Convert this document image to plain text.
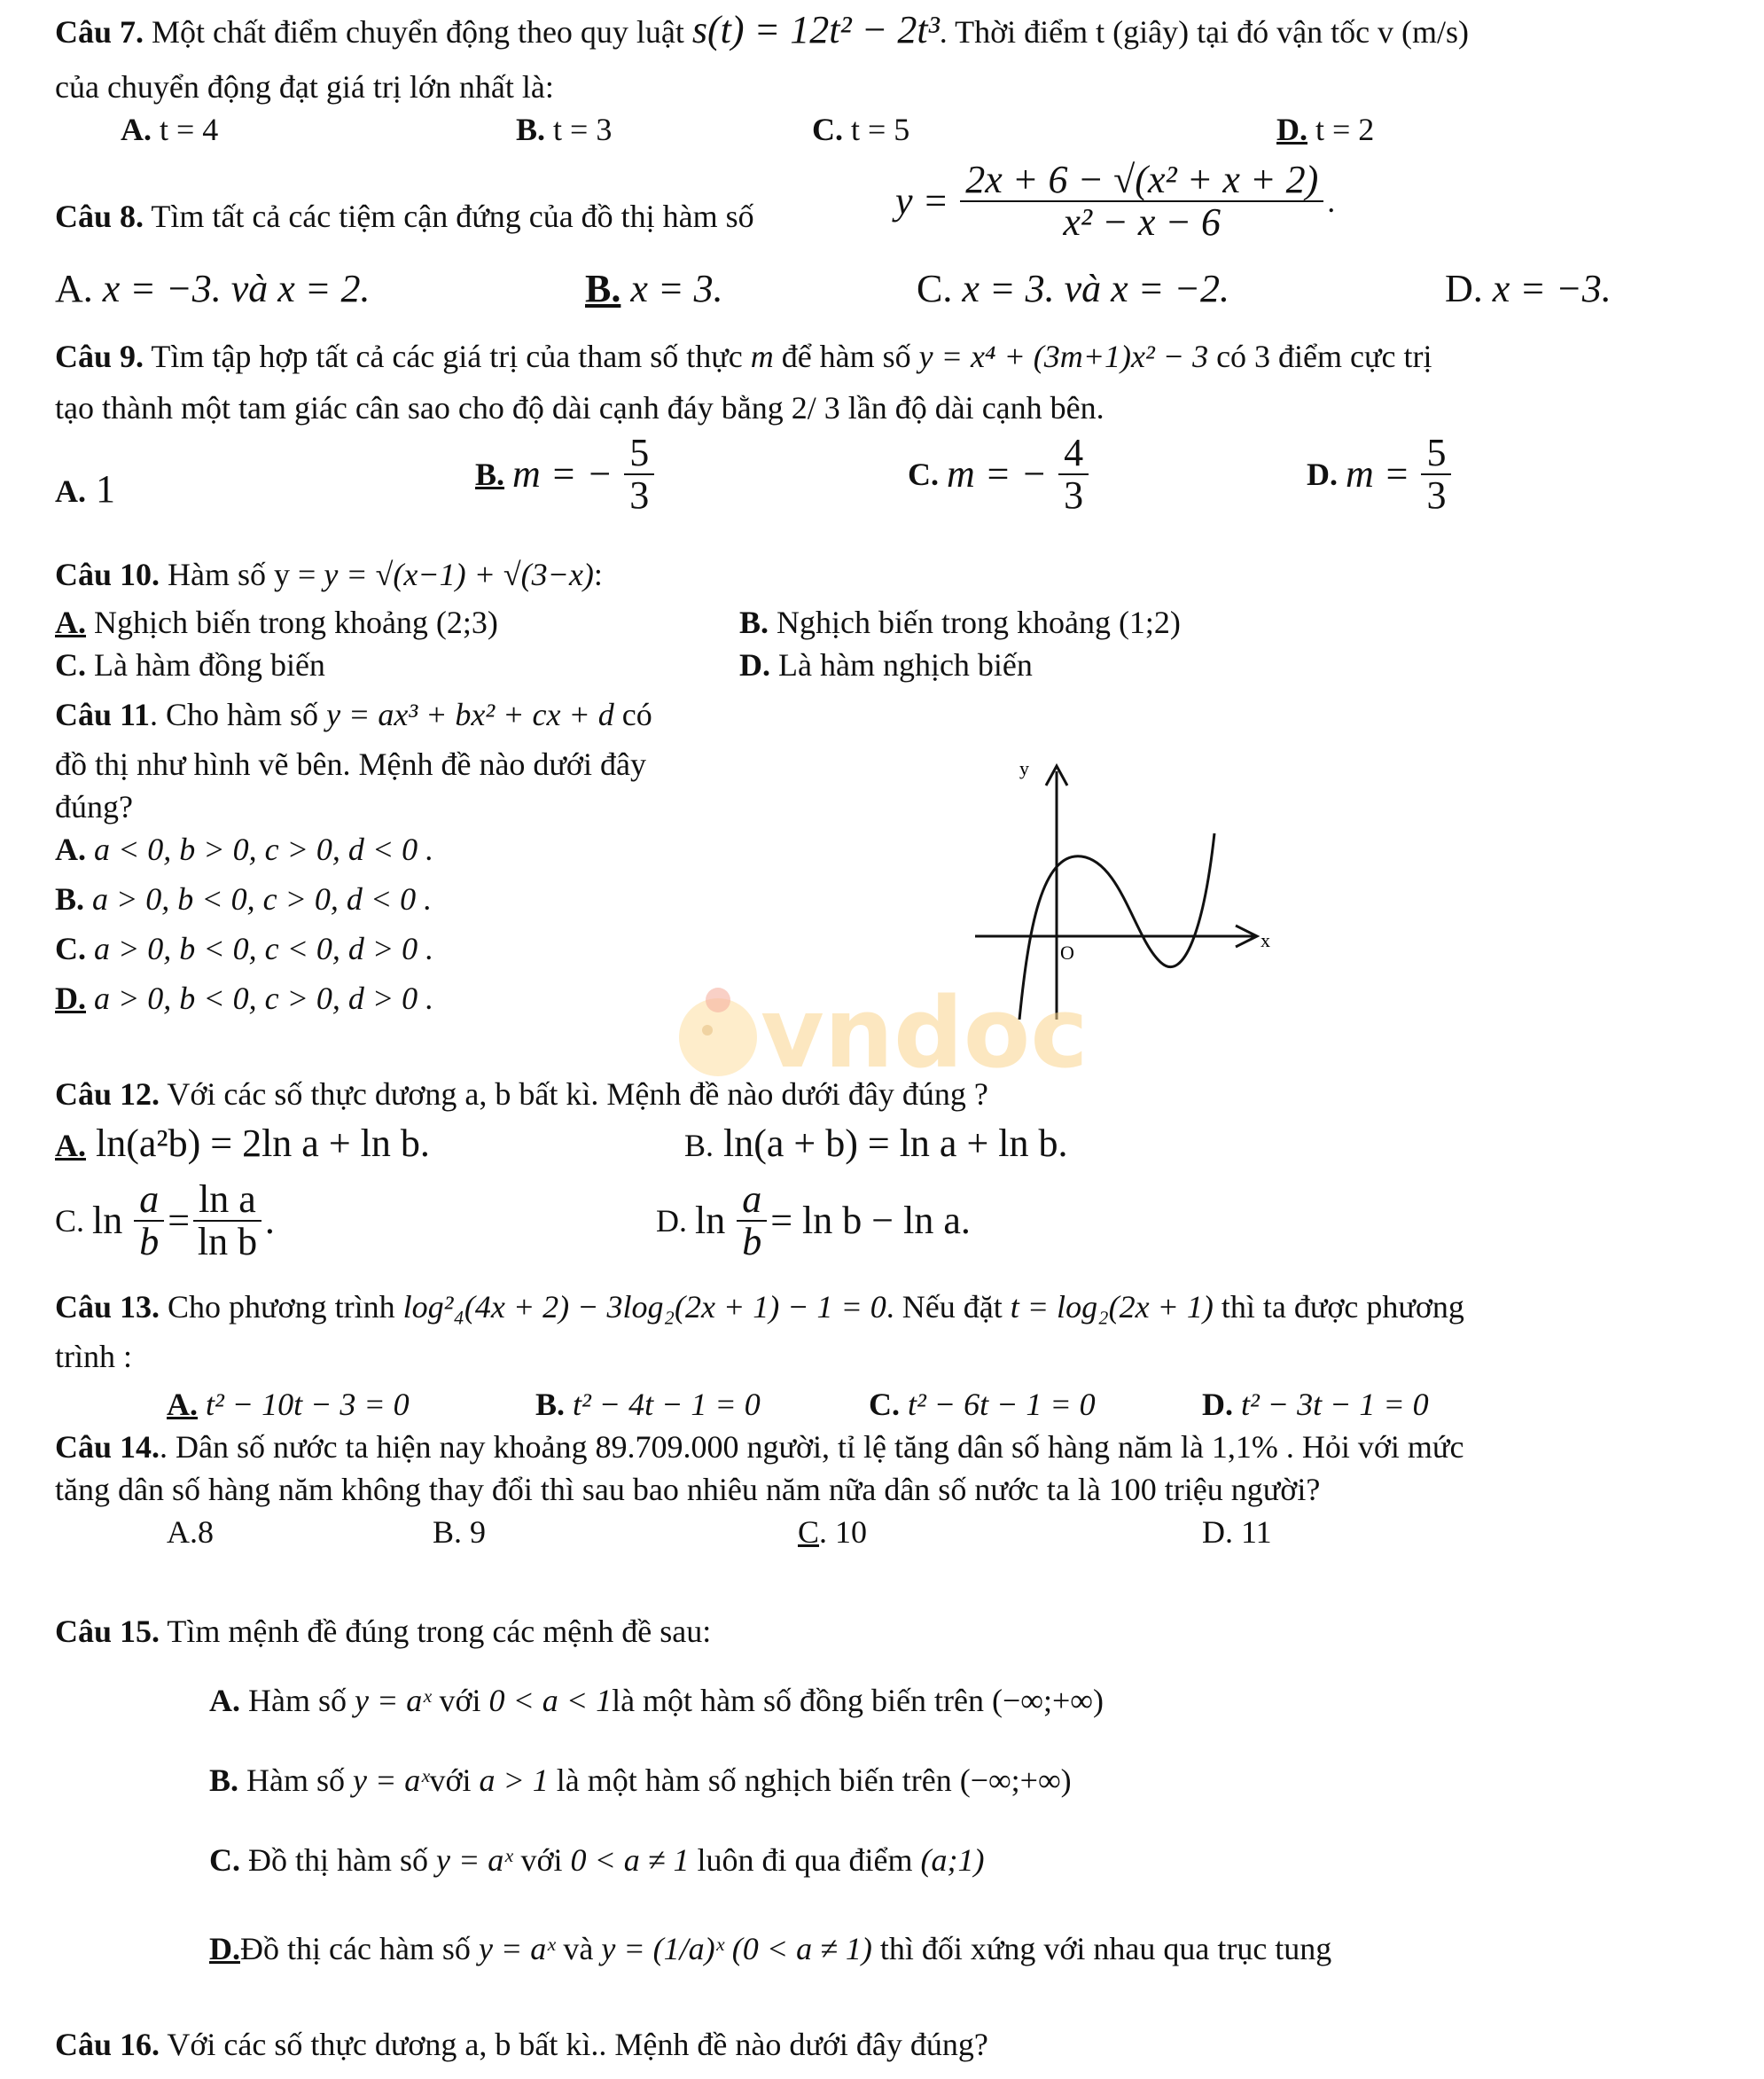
Câu 7. Một chất điểm chuyển động theo quy luật s(t) = 12t² − 2t³. Thời điểm t (giây) tại đó vận tốc v (m/s)
của chuyển động đạt giá trị lớn nhất là:
A. t = 4	B. t = 3	C. t = 5	D. t = 2
Câu 8. Tìm tất cả các tiệm cận đứng của đồ thị hàm số	$y = \frac{\text{2x + 6 − √(x² + x + 2)}}{\text{x² − x − 6}}$ .
A. x = −3. và x = 2.	B. x = 3.	C. x = 3. và x = −2.	D. x = −3.
Câu 9. Tìm tập hợp tất cả các giá trị của tham số thực m để hàm số y = x⁴ + (3m+1)x² − 3 có 3 điểm cực trị
tạo thành một tam giác cân sao cho độ dài cạnh đáy bằng 2/ 3 lần độ dài cạnh bên.
A. 1	B. m = − $\frac{5}{3}$	C. m = − $\frac{4}{3}$	D. $m = \frac{5}{3}$
Câu 10. Hàm số y = y = √(x−1) + √(3−x):
A. Nghịch biến trong khoảng (2;3)	B. Nghịch biến trong khoảng (1;2)
C. Là hàm đồng biến	D. Là hàm nghịch biến
Câu 11. Cho hàm số y = ax³ + bx² + cx + d có
đồ thị như hình vẽ bên. Mệnh đề nào dưới đây
đúng?
A. a < 0, b > 0, c > 0, d < 0 .
B. a > 0, b < 0, c > 0, d < 0 .
C. a > 0, b < 0, c < 0, d > 0 .
D. a > 0, b < 0, c > 0, d > 0 .
y
x
O
vndoc
Câu 12. Với các số thực dương a, b bất kì. Mệnh đề nào dưới đây đúng ?
A. ln(a²b) = 2ln a + ln b.	B. ln(a + b) = ln a + ln b.
C. $\ln \frac{a}{b} = \frac{\text{ln a}}{\text{ln b}}$ .	D. $\ln \frac{a}{b} = \ln b - \ln a$.
Câu 13. Cho phương trình log²₄(4x + 2) − 3log₂(2x + 1) − 1 = 0. Nếu đặt t = log₂(2x + 1) thì ta được phương
trình :
A. t² − 10t − 3 = 0	B. t² − 4t − 1 = 0	C. t² − 6t − 1 = 0	D. t² − 3t − 1 = 0
Câu 14.. Dân số nước ta hiện nay khoảng 89.709.000 người, tỉ lệ tăng dân số hàng năm là 1,1% . Hỏi với mức
tăng dân số hàng năm không thay đổi thì sau bao nhiêu năm nữa dân số nước ta là 100 triệu người?
A.8	B. 9	C. 10	D. 11
Câu 15. Tìm mệnh đề đúng trong các mệnh đề sau:
A. Hàm số y = aˣ với 0 < a < 1là một hàm số đồng biến trên (−∞;+∞)
B. Hàm số y = aˣvới a > 1 là một hàm số nghịch biến trên (−∞;+∞)
C. Đồ thị hàm số y = aˣ với 0 < a ≠ 1 luôn đi qua điểm (a;1)
D.Đồ thị các hàm số y = aˣ và y = (1/a)ˣ (0 < a ≠ 1) thì đối xứng với nhau qua trục tung
Câu 16. Với các số thực dương a, b bất kì.. Mệnh đề nào dưới đây đúng?
